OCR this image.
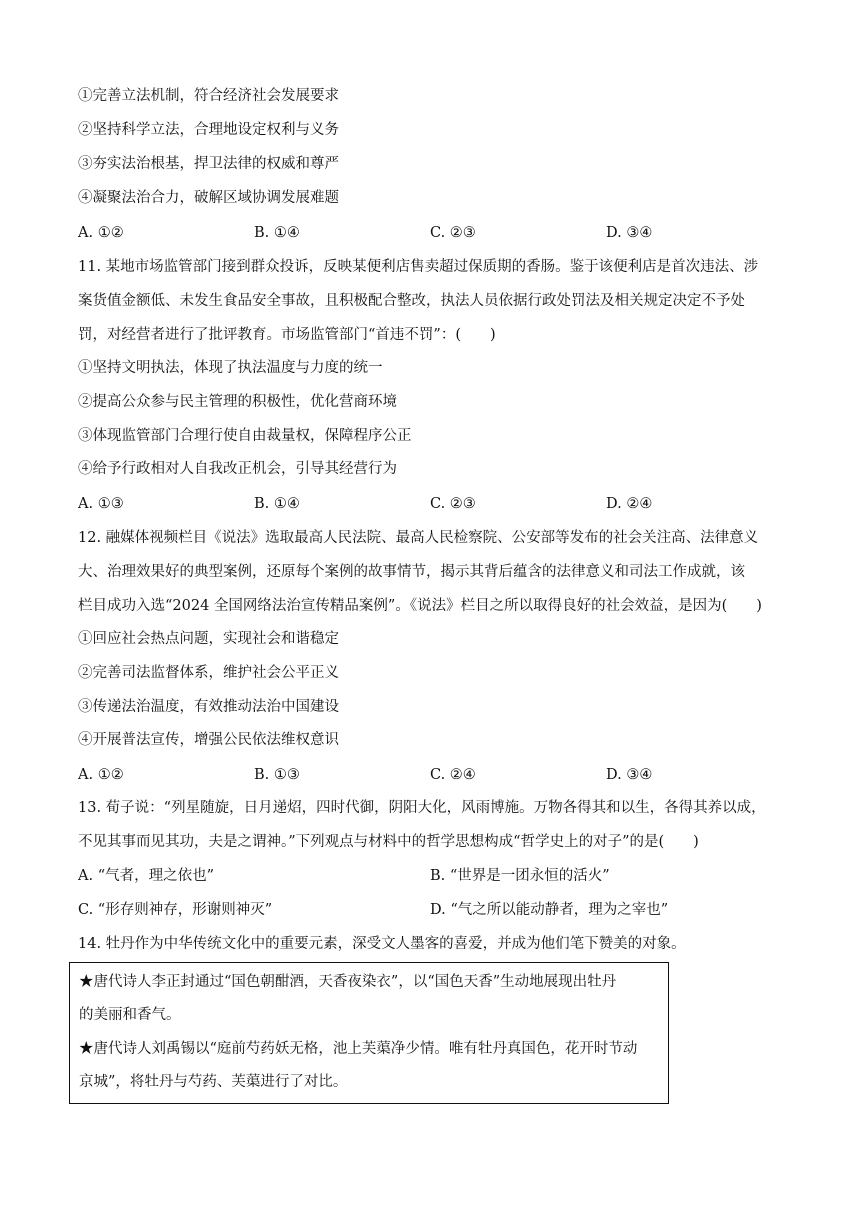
①完善立法机制，符合经济社会发展要求
②坚持科学立法，合理地设定权利与义务
③夯实法治根基，捍卫法律的权威和尊严
④凝聚法治合力，破解区域协调发展难题
A. ①②	B. ①④	C. ②③	D. ③④
11. 某地市场监管部门接到群众投诉，反映某便利店售卖超过保质期的香肠。鉴于该便利店是首次违法、涉
案货值金额低、未发生食品安全事故，且积极配合整改，执法人员依据行政处罚法及相关规定决定不予处
罚，对经营者进行了批评教育。市场监管部门“首违不罚”：(　　)
①坚持文明执法，体现了执法温度与力度的统一
②提高公众参与民主管理的积极性，优化营商环境
③体现监管部门合理行使自由裁量权，保障程序公正
④给予行政相对人自我改正机会，引导其经营行为
A. ①③	B. ①④	C. ②③	D. ②④
12. 融媒体视频栏目《说法》选取最高人民法院、最高人民检察院、公安部等发布的社会关注高、法律意义
大、治理效果好的典型案例，还原每个案例的故事情节，揭示其背后蕴含的法律意义和司法工作成就，该
栏目成功入选“2024 全国网络法治宣传精品案例”。《说法》栏目之所以取得良好的社会效益，是因为(　　)
①回应社会热点问题，实现社会和谐稳定
②完善司法监督体系，维护社会公平正义
③传递法治温度，有效推动法治中国建设
④开展普法宣传，增强公民依法维权意识
A. ①②	B. ①③	C. ②④	D. ③④
13. 荀子说：“列星随旋，日月递炤，四时代御，阴阳大化，风雨博施。万物各得其和以生，各得其养以成，
不见其事而见其功，夫是之谓神。”下列观点与材料中的哲学思想构成“哲学史上的对子”的是(　　)
A. “气者，理之依也”	B. “世界是一团永恒的活火”
C. “形存则神存，形谢则神灭”	D. “气之所以能动静者，理为之宰也”
14. 牡丹作为中华传统文化中的重要元素，深受文人墨客的喜爱，并成为他们笔下赞美的对象。
★唐代诗人李正封通过“国色朝酣酒，天香夜染衣”，以“国色天香”生动地展现出牡丹
的美丽和香气。
★唐代诗人刘禹锡以“庭前芍药妖无格，池上芙蕖净少情。唯有牡丹真国色，花开时节动
京城”，将牡丹与芍药、芙蕖进行了对比。
